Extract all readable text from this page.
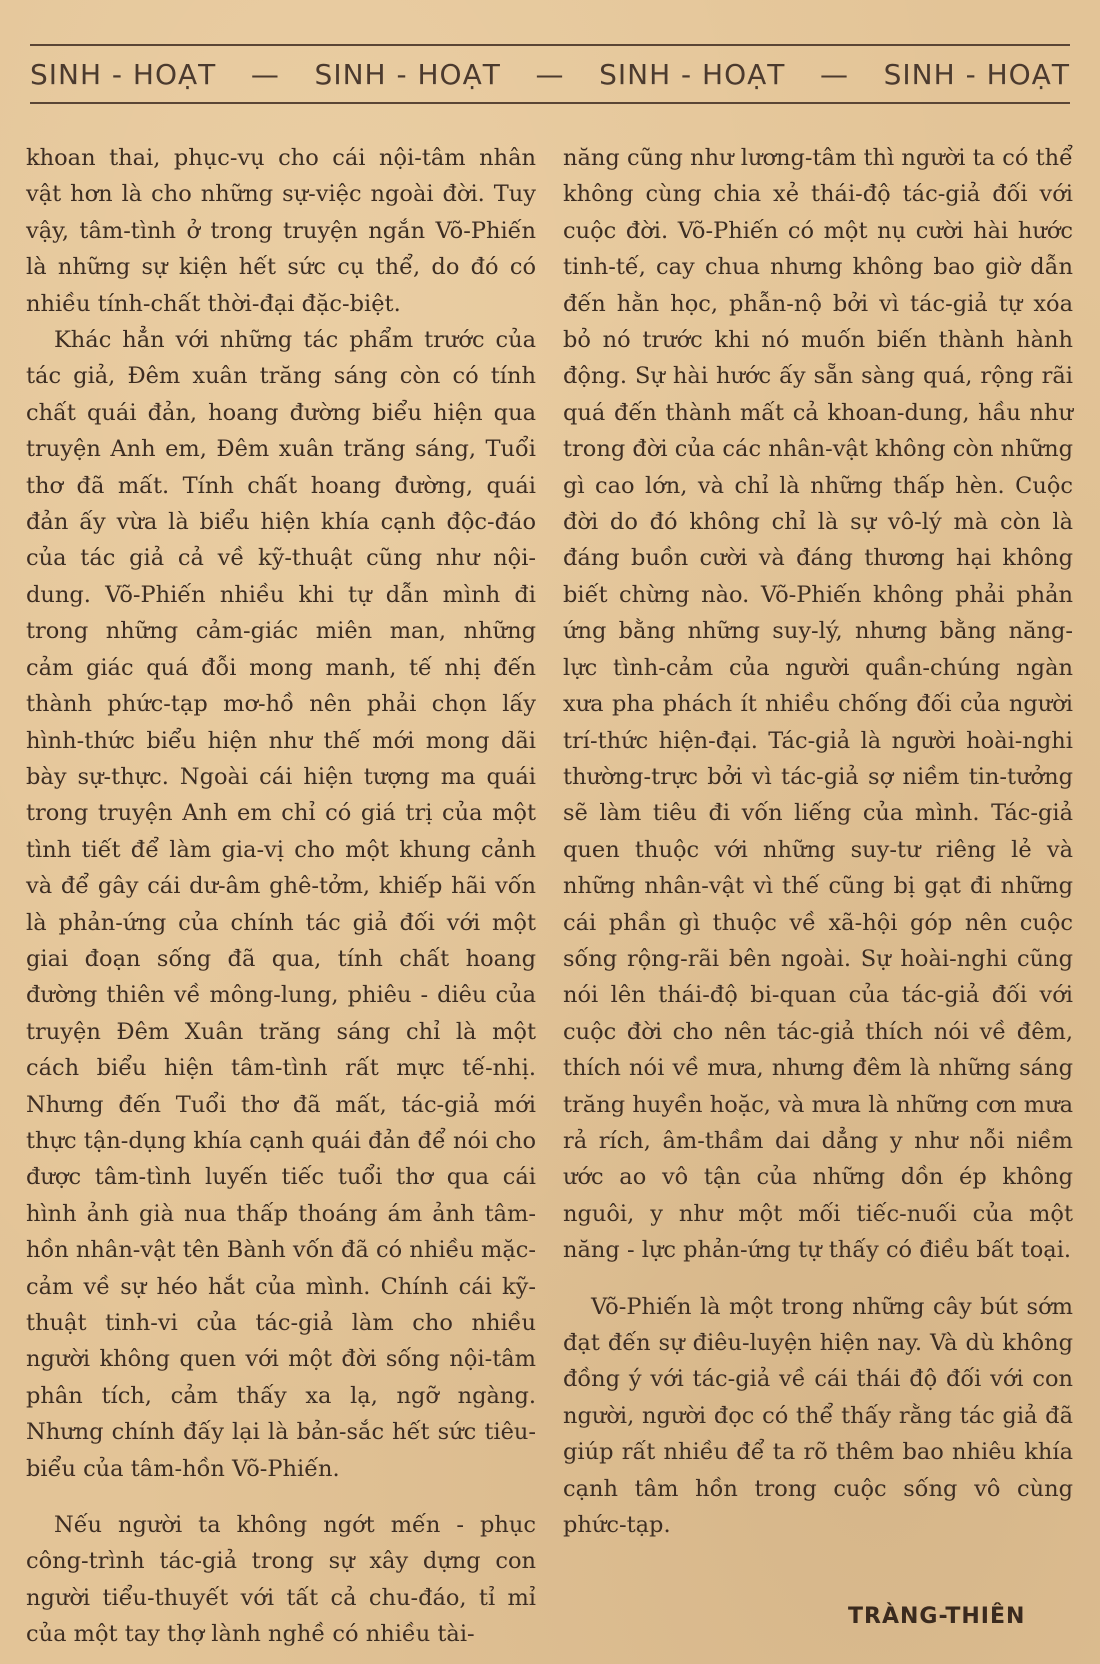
SINH - HOẠT — SINH - HOẠT — SINH - HOẠT — SINH - HOẠT

khoan thai, phục-vụ cho cái nội-tâm nhân vật hơn là cho những sự-việc ngoài đời. Tuy vậy, tâm-tình ở trong truyện ngắn Võ-Phiến là những sự kiện hết sức cụ thể, do đó có nhiều tính-chất thời-đại đặc-biệt.

Khác hẳn với những tác phẩm trước của tác giả, Đêm xuân trăng sáng còn có tính chất quái đản, hoang đường biểu hiện qua truyện Anh em, Đêm xuân trăng sáng, Tuổi thơ đã mất. Tính chất hoang đường, quái đản ấy vừa là biểu hiện khía cạnh độc-đáo của tác giả cả về kỹ-thuật cũng như nội-dung. Võ-Phiến nhiều khi tự dẫn mình đi trong những cảm-giác miên man, những cảm giác quá đỗi mong manh, tế nhị đến thành phức-tạp mơ-hồ nên phải chọn lấy hình-thức biểu hiện như thế mới mong dãi bày sự-thực. Ngoài cái hiện tượng ma quái trong truyện Anh em chỉ có giá trị của một tình tiết để làm gia-vị cho một khung cảnh và để gây cái dư-âm ghê-tởm, khiếp hãi vốn là phản-ứng của chính tác giả đối với một giai đoạn sống đã qua, tính chất hoang đường thiên về mông-lung, phiêu - diêu của truyện Đêm Xuân trăng sáng chỉ là một cách biểu hiện tâm-tình rất mực tế-nhị. Nhưng đến Tuổi thơ đã mất, tác-giả mới thực tận-dụng khía cạnh quái đản để nói cho được tâm-tình luyến tiếc tuổi thơ qua cái hình ảnh già nua thấp thoáng ám ảnh tâm-hồn nhân-vật tên Bành vốn đã có nhiều mặc-cảm về sự héo hắt của mình. Chính cái kỹ-thuật tinh-vi của tác-giả làm cho nhiều người không quen với một đời sống nội-tâm phân tích, cảm thấy xa lạ, ngỡ ngàng. Nhưng chính đấy lại là bản-sắc hết sức tiêu-biểu của tâm-hồn Võ-Phiến.

Nếu người ta không ngớt mến - phục công-trình tác-giả trong sự xây dựng con người tiểu-thuyết với tất cả chu-đáo, tỉ mỉ của một tay thợ lành nghề có nhiều tài-

năng cũng như lương-tâm thì người ta có thể không cùng chia xẻ thái-độ tác-giả đối với cuộc đời. Võ-Phiến có một nụ cười hài hước tinh-tế, cay chua nhưng không bao giờ dẫn đến hằn học, phẫn-nộ bởi vì tác-giả tự xóa bỏ nó trước khi nó muốn biến thành hành động. Sự hài hước ấy sẵn sàng quá, rộng rãi quá đến thành mất cả khoan-dung, hầu như trong đời của các nhân-vật không còn những gì cao lớn, và chỉ là những thấp hèn. Cuộc đời do đó không chỉ là sự vô-lý mà còn là đáng buồn cười và đáng thương hại không biết chừng nào. Võ-Phiến không phải phản ứng bằng những suy-lý, nhưng bằng năng-lực tình-cảm của người quần-chúng ngàn xưa pha phách ít nhiều chống đối của người trí-thức hiện-đại. Tác-giả là người hoài-nghi thường-trực bởi vì tác-giả sợ niềm tin-tưởng sẽ làm tiêu đi vốn liếng của mình. Tác-giả quen thuộc với những suy-tư riêng lẻ và những nhân-vật vì thế cũng bị gạt đi những cái phần gì thuộc về xã-hội góp nên cuộc sống rộng-rãi bên ngoài. Sự hoài-nghi cũng nói lên thái-độ bi-quan của tác-giả đối với cuộc đời cho nên tác-giả thích nói về đêm, thích nói về mưa, nhưng đêm là những sáng trăng huyền hoặc, và mưa là những cơn mưa rả rích, âm-thầm dai dẳng y như nỗi niềm ước ao vô tận của những dồn ép không nguôi, y như một mối tiếc-nuối của một năng - lực phản-ứng tự thấy có điều bất toại.

Võ-Phiến là một trong những cây bút sớm đạt đến sự điêu-luyện hiện nay. Và dù không đồng ý với tác-giả về cái thái độ đối với con người, người đọc có thể thấy rằng tác giả đã giúp rất nhiều để ta rõ thêm bao nhiêu khía cạnh tâm hồn trong cuộc sống vô cùng phức-tạp.

TRÀNG-THIÊN
